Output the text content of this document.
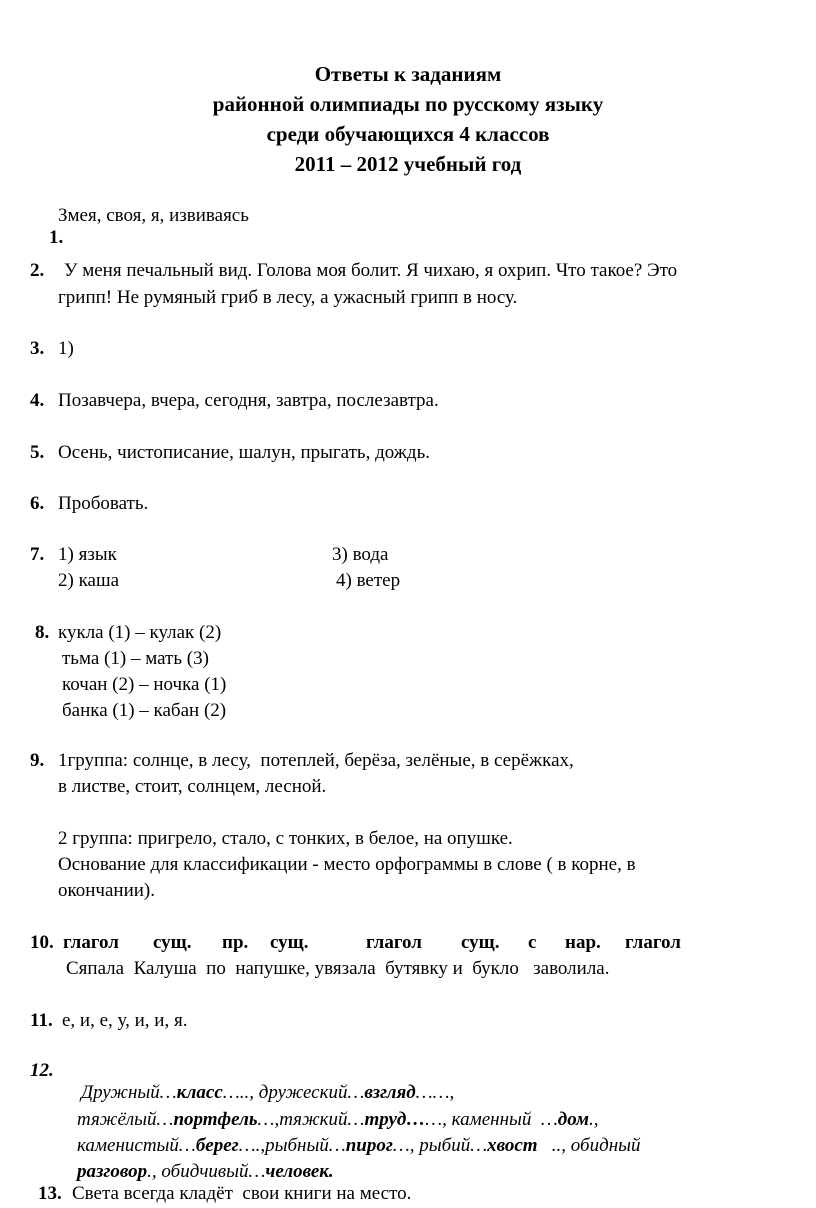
Ответы к заданиям
районной олимпиады по русскому языку
среди обучающихся 4 классов
2011 – 2012 учебный год

1.

Змея, своя, я, извиваясь
2. У меня печальный вид. Голова моя болит. Я чихаю, я охрип. Что такое? Это
грипп! Не румяный гриб в лесу, а ужасный грипп в носу.
3. 1)
4. Позавчера, вчера, сегодня, завтра, послезавтра.
5. Осень, чистописание, шалун, прыгать, дождь.
6. Пробовать.
7. 1) язык	3) вода
2) каша	4) ветер
8. кукла (1) – кулак (2)
тьма (1) – мать (3)
кочан (2) – ночка (1)
банка (1) – кабан (2)
9. 1группа: солнце, в лесу,  потеплей, берёза, зелёные, в серёжках,
в листве, стоит, солнцем, лесной.
2 группа: пригрело, стало, с тонких, в белое, на опушке.
Основание для классификации - место орфограммы в слове ( в корне, в
окончании).
10. глагол сущ. пр. сущ.	глагол сущ. с нар. глагол
Сяпала  Калуша  по  напушке, увязала  бутявку и  букло   заволила.
11. е, и, е, у, и, и, я.
12.

Дружный…класс….., дружеский…взгляд……,

тяжёлый…портфель…,тяжкий…труд……, каменный  …дом.,

каменистый…берег….,рыбный…пирог…, рыбий…хвост   .., обидный

разговор., обидчивый…человек.

13. Света всегда кладёт  свои книги на место.
